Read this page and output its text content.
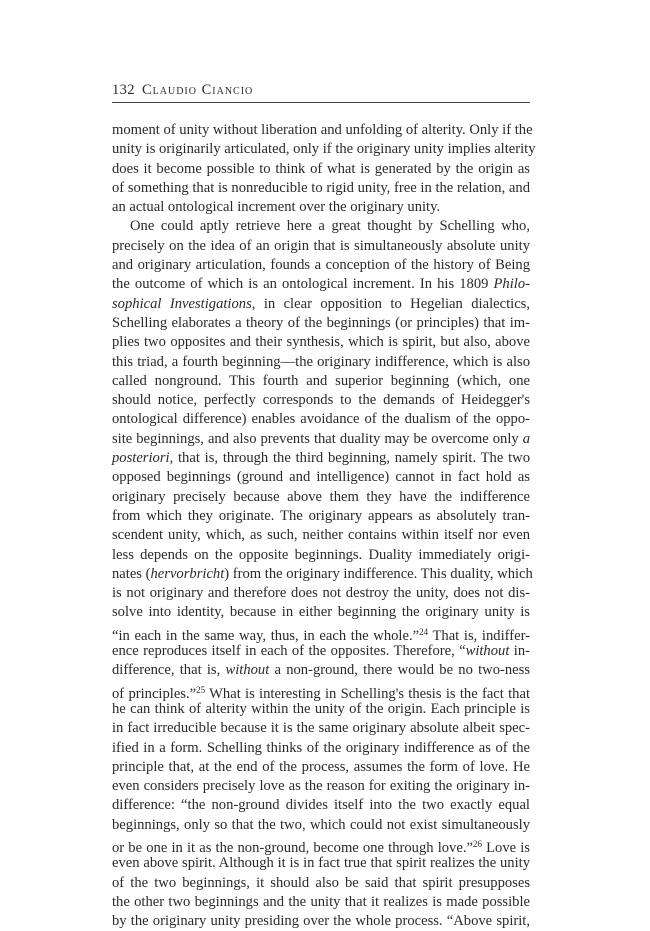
132 Claudio Ciancio
moment of unity without liberation and unfolding of alterity. Only if the
unity is originarily articulated, only if the originary unity implies alterity
does it become possible to think of what is generated by the origin as
of something that is nonreducible to rigid unity, free in the relation, and
an actual ontological increment over the originary unity.
One could aptly retrieve here a great thought by Schelling who,
precisely on the idea of an origin that is simultaneously absolute unity
and originary articulation, founds a conception of the history of Being
the outcome of which is an ontological increment. In his 1809 Philo-
sophical Investigations, in clear opposition to Hegelian dialectics,
Schelling elaborates a theory of the beginnings (or principles) that im-
plies two opposites and their synthesis, which is spirit, but also, above
this triad, a fourth beginning—the originary indifference, which is also
called nonground. This fourth and superior beginning (which, one
should notice, perfectly corresponds to the demands of Heidegger's
ontological difference) enables avoidance of the dualism of the oppo-
site beginnings, and also prevents that duality may be overcome only a
posteriori, that is, through the third beginning, namely spirit. The two
opposed beginnings (ground and intelligence) cannot in fact hold as
originary precisely because above them they have the indifference
from which they originate. The originary appears as absolutely tran-
scendent unity, which, as such, neither contains within itself nor even
less depends on the opposite beginnings. Duality immediately origi-
nates (hervorbricht) from the originary indifference. This duality, which
is not originary and therefore does not destroy the unity, does not dis-
solve into identity, because in either beginning the originary unity is
“in each in the same way, thus, in each the whole.”$^{24}$ That is, indiffer-
ence reproduces itself in each of the opposites. Therefore, “without in-
difference, that is, without a non-ground, there would be no two-ness
of principles.”$^{25}$ What is interesting in Schelling's thesis is the fact that
he can think of alterity within the unity of the origin. Each principle is
in fact irreducible because it is the same originary absolute albeit spec-
ified in a form. Schelling thinks of the originary indifference as of the
principle that, at the end of the process, assumes the form of love. He
even considers precisely love as the reason for exiting the originary in-
difference: “the non-ground divides itself into the two exactly equal
beginnings, only so that the two, which could not exist simultaneously
or be one in it as the non-ground, become one through love.”$^{26}$ Love is
even above spirit. Although it is in fact true that spirit realizes the unity
of the two beginnings, it should also be said that spirit presupposes
the other two beginnings and the unity that it realizes is made possible
by the originary unity presiding over the whole process. “Above spirit,
